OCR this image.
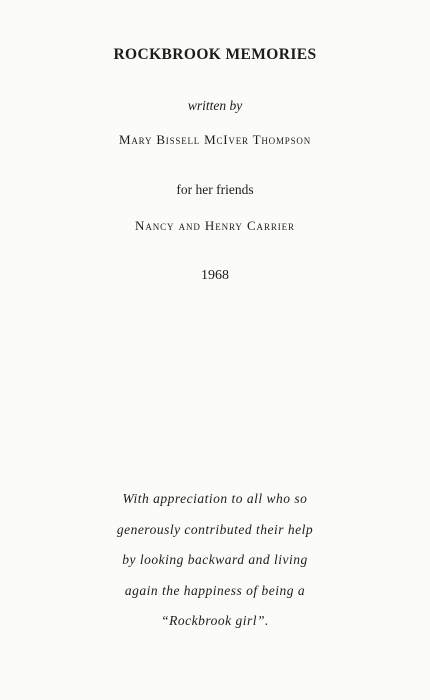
ROCKBROOK MEMORIES
written by
Mary Bissell McIver Thompson
for her friends
Nancy and Henry Carrier
1968
With appreciation to all who so
generously contributed their help
by looking backward and living
again the happiness of being a
“Rockbrook girl”.
